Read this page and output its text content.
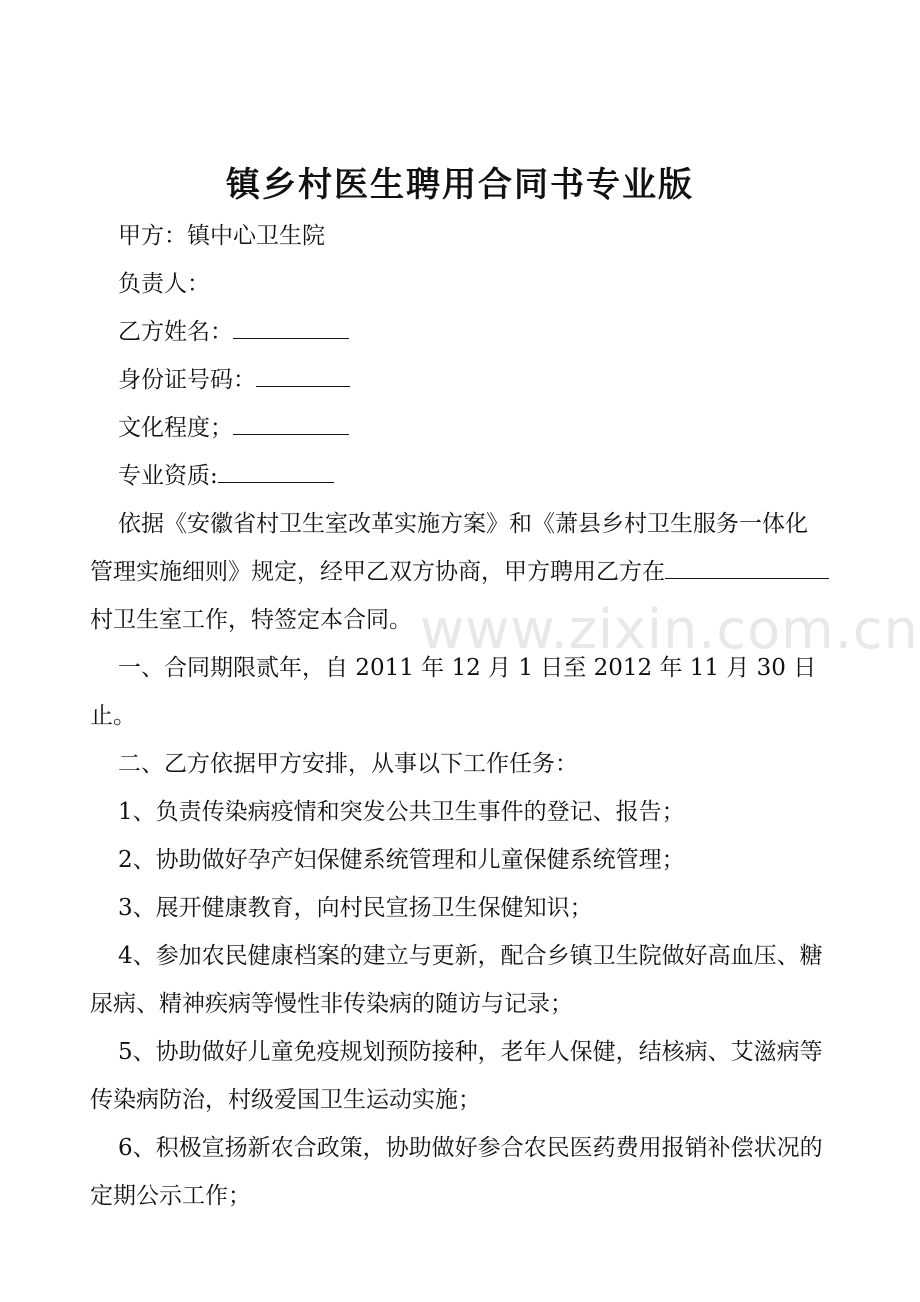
镇乡村医生聘用合同书专业版

甲方：镇中心卫生院

负责人：

乙方姓名：

身份证号码：

文化程度；

专业资质:

依据《安徽省村卫生室改革实施方案》和《萧县乡村卫生服务一体化管理实施细则》规定，经甲乙双方协商，甲方聘用乙方在村卫生室工作，特签定本合同。

一、合同期限贰年，自 2011 年 12 月 1 日至 2012 年 11 月 30 日止。

二、乙方依据甲方安排，从事以下工作任务：

1、负责传染病疫情和突发公共卫生事件的登记、报告；

2、协助做好孕产妇保健系统管理和儿童保健系统管理；

3、展开健康教育，向村民宣扬卫生保健知识；

4、参加农民健康档案的建立与更新，配合乡镇卫生院做好高血压、糖尿病、精神疾病等慢性非传染病的随访与记录；

5、协助做好儿童免疫规划预防接种，老年人保健，结核病、艾滋病等传染病防治，村级爱国卫生运动实施；

6、积极宣扬新农合政策，协助做好参合农民医药费用报销补偿状况的定期公示工作；

www.zixin.com.cn
